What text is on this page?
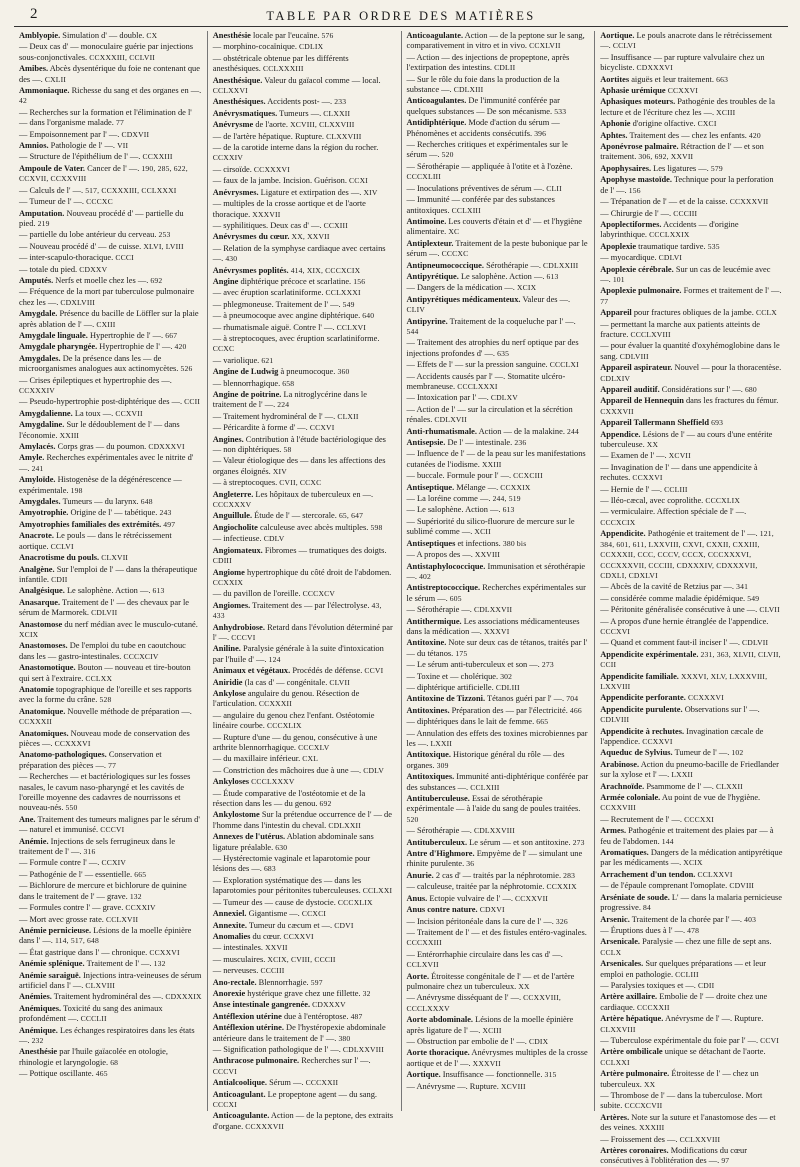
2	TABLE PAR ORDRE DES MATIÈRES
Amblyopie. Simulation d' — double. CX
— Deux cas d' — monoculaire guérie par injections sous-conjonctivales. CCXXXIII, CCLVII
Amibes. Abcès dysentérique du foie ne contenant que des —. CXLII
Ammoniaque. Richesse du sang et des organes en —. 42
— Recherches sur la formation et l'élimination de l' — dans l'organisme malade. 77
— Empoisonnement par l' —. CDXVII
Amnios. Pathologie de l' —. VII
— Structure de l'épithélium de l' —. CCXXIII
Ampoule de Vater. Cancer de l' —. 190, 285, 622, CCXVII, CCXXVIII
— Calculs de l' —. 517, CCXXXIII, CCLXXXI
— Tumeur de l' —. CCCXC
Amputation. Nouveau procédé d' — partielle du pied. 219
— partielle du lobe antérieur du cerveau. 253
— Nouveau procédé d' — de cuisse. XLVI, LVIII
— inter-scapulo-thoracique. CCCI
— totale du pied. CDXXV
Amputés. Nerfs et moelle chez les —. 692
— Fréquence de la mort par tuberculose pulmonaire chez les —. CDXLVIII
Amygdale. Présence du bacille de Löffler sur la plaie après ablation de l' —. CXIII
Amygdale linguale. Hypertrophie de l' —. 667
Amygdale pharyngée. Hypertrophie de l' —. 420
Amygdales. De la présence dans les — de microorganismes analogues aux actinomycètes. 526
— Crises épileptiques et hypertrophie des —. CCXXXIV
— Pseudo-hypertrophie post-diphtérique des —. CCII
Amygdalienne. La toux —. CCXVII
Amygdaline. Sur le dédoublement de l' — dans l'économie. XXIII
Amylacés. Corps gras — du poumon. CDXXXVI
Amyle. Recherches expérimentales avec le nitrite d' —. 241
Amyloïde. Histogenèse de la dégénérescence — expérimentale. 198
Amygdales. Tumeurs — du larynx. 648
Amyotrophie. Origine de l' — tabétique. 243
Amyotrophies familiales des extrémités. 497
Anacrote. Le pouls — dans le rétrécissement aortique. CCLVI
Anacrotisme du pouls. CLXVII
Analgène. Sur l'emploi de l' — dans la thérapeutique infantile. CDII
Analgésique. Le salophène. Action —. 613
Anasarque. Traitement de l' — des chevaux par le sérum de Marmorek. CDLVII
Anastomose du nerf médian avec le musculo-cutané. XCIX
Anastomoses. De l'emploi du tube en caoutchouc dans les — gastro-intestinales. CCCXCIV
Anastomotique. Bouton — nouveau et tire-bouton qui sert à l'extraire. CCLXX
Anatomie topographique de l'oreille et ses rapports avec la forme du crâne. 528
Anatomique. Nouvelle méthode de préparation —. CCXXXII
Anatomiques. Nouveau mode de conservation des pièces —. CCXXXVI
Anatomo-pathologiques. Conservation et préparation des pièces —. 77
— Recherches — et bactériologiques sur les fosses nasales, le cavum naso-pharyngé et les cavités de l'oreille moyenne des cadavres de nourrissons et nouveau-nés. 550
Ane. Traitement des tumeurs malignes par le sérum d' — naturel et immunisé. CCCVI
Anémie. Injections de sels ferrugineux dans le traitement de l' —. 316
— Formule contre l' —. CCXIV
— Pathogénie de l' — essentielle. 665
— Bichlorure de mercure et bichlorure de quinine dans le traitement de l' — grave. 132
— Formules contre l' — grave. CCXXIV
— Mort avec grosse rate. CCLXVII
Anémie pernicieuse. Lésions de la moelle épinière dans l' —. 114, 517, 648
— État gastrique dans l' — chronique. CCXXVI
Anémie splénique. Traitement de l' —. 132
Anémie saraiguë. Injections intra-veineuses de sérum artificiel dans l' —. CLXVIII
Anémies. Traitement hydrominéral des —. CDXXXIX
Anémiques. Toxicité du sang des animaux profondément —. CCCLII
Anémique. Les échanges respiratoires dans les états —. 232
Anesthésie par l'huile gaïacolée en otologie, rhinologie et laryngologie. 68
— Pottique oscillante. 465
Anesthésie locale par l'eucaïne. 576
— morphino-cocaïnique. CDLIX
— obstétricale obtenue par les différents anesthésiques. CCLXXXIII
Anesthésique. Valeur du gaïacol comme — local. CCLXXVI
Anesthésiques. Accidents post- —. 233
Anévrysmatiques. Tumeurs —. CLXXII
Anévrysme de l'aorte. XCVIII, CLXXVIII
— de l'artère hépatique. Rupture. CLXXVIII
— de la carotide interne dans la région du rocher. CCXXIV
— cirsoïde. CCXXXVI
— faux de la jambe. Incision. Guérison. CCXI
Anévrysmes. Ligature et extirpation des —. XIV
— multiples de la crosse aortique et de l'aorte thoracique. XXXVII
— syphilitiques. Deux cas d' —. CCXIII
Anévrysmes du cœur. XX, XXVII
— Relation de la symphyse cardiaque avec certains —. 430
Anévrysmes poplités. 414, XIX, CCCXCIX
Angine diphtérique précoce et scarlatine. 156
— avec éruption scarlatiniforme. CCLXXXI
— phlegmoneuse. Traitement de l' —. 549
— à pneumocoque avec angine diphtérique. 640
— rhumatismale aiguë. Contre l' —. CCLXVI
— à streptocoques, avec éruption scarlatiniforme. CCXC
— variolique. 621
Angine de Ludwig à pneumocoque. 360
— blennorrhagique. 658
Angine de poitrine. La nitroglycérine dans le traitement de l' —. 224
— Traitement hydrominéral de l' —. CLXII
— Péricardite à forme d' —. CCXVI
Angines. Contribution à l'étude bactériologique des — non diphtériques. 58
— Valeur étiologique des — dans les affections des organes éloignés. XIV
— à streptocoques. CVII, CCXC
Angleterre. Les hôpitaux de tuberculeux en —. CCCXXXV
Anguillule. Étude de l' — stercorale. 65, 647
Angiocholite calculeuse avec abcès multiples. 598
— infectieuse. CDLV
Angiomateux. Fibromes — trumatiques des doigts. CDIII
Angiome hypertrophique du côté droit de l'abdomen. CCXXIX
— du pavillon de l'oreille. CCCXCV
Angiomes. Traitement des — par l'électrolyse. 43, 433
Anhydrobiose. Retard dans l'évolution déterminé par l' —. CCCVI
Aniline. Paralysie générale à la suite d'intoxication par l'huile d' —. 124
Animaux et végétaux. Procédés de défense. CCVI
Aniridie (la cas d' — congénitale. CLVII
Ankylose angulaire du genou. Résection de l'articulation. CCXXXII
— angulaire du genou chez l'enfant. Ostéotomie linéaire courbe. CCCXLIX
— Rupture d'une — du genou, consécutive à une arthrite blennorrhagique. CCCXLV
— du maxillaire inférieur. CXL
— Constriction des mâchoires due à une —. CDLV
Ankyloses CCCLXXXV
— Étude comparative de l'ostéotomie et de la résection dans les — du genou. 692
Ankylostome Sur la prétendue occurrence de l' — de l'homme dans l'intestin du cheval. CDLXXII
Annexes de l'utérus. Ablation abdominale sans ligature préalable. 630
— Hystérectomie vaginale et laparotomie pour lésions des —. 683
— Exploration systématique des — dans les laparotomies pour péritonites tuberculeuses. CCLXXI
— Tumeur des — cause de dystocie. CCCXLIX
Annexiel. Gigantisme —. CCXCI
Annexite. Tumeur du cæcum et —. CDVI
Anomalies du cœur. CCXXVI
— intestinales. XXVII
— musculaires. XCIX, CVIII, CCCII
— nerveuses. CCCIII
Ano-rectale. Blennorrhagie. 597
Anorexie hystérique grave chez une fillette. 32
Anse intestinale gangrenée. CDXXXV
Antéflexion utérine due à l'entéroptose. 487
Antéflexion utérine. De l'hystéropexie abdominale antérieure dans le traitement de l' —. 380
— Signification pathologique de l' —. CDLXXVIII
Anthracose pulmonaire. Recherches sur l' —. CCCVI
Antialcoolique. Sérum —. CCCXXII
Anticoagulant. Le propeptone agent — du sang. CCCXI
Anticoagulante. Action — de la peptone, des extraits d'organe. CCXXXVII
Anticoagulante. Action — de la peptone sur le sang, comparativement in vitro et in vivo. CCXLVII
— Action — des injections de propeptone, après l'extirpation des intestins. CDLII
— Sur le rôle du foie dans la production de la substance —. CDLXIII
Anticoagulantes. De l'immunité conférée par quelques substances — De son mécanisme. 533
Antidiphtérique. Mode d'action du sérum — Phénomènes et accidents consécutifs. 396
— Recherches critiques et expérimentales sur le sérum —. 520
— Sérothérapie — appliquée à l'otite et à l'ozène. CCCXLIII
— Inoculations préventives de sérum —. CLII
— Immunité — conférée par des substances antitoxiques. CCLXIII
Antimoine. Les couverts d'étain et d' — et l'hygiène alimentaire. XC
Antiplexteur. Traitement de la peste bubonique par le sérum —. CCCXC
Antipneumococcique. Sérothérapie —. CDLXXIII
Antipyrétique. Le salophène. Action —. 613
— Dangers de la médication —. XCIX
Antipyrétiques médicamenteux. Valeur des —. CLIV
Antipyrine. Traitement de la coqueluche par l' —. 544
— Traitement des atrophies du nerf optique par des injections profondes d' —. 635
— Effets de l' — sur la pression sanguine. CCCLXI
— Accidents causés par l' —. Stomatite ulcéro-membraneuse. CCCLXXXI
— Intoxication par l' —. CDLXV
— Action de l' — sur la circulation et la sécrétion rénales. CDLXVII
Anti-rhumatismale. Action — de la malakine. 244
Antisepsie. De l' — intestinale. 236
— Influence de l' — de la peau sur les manifestations cutanées de l'iodisme. XXIII
— buccale. Formule pour l' —. CCXCIII
Antiseptique. Mélange —. CCXXIX
— La loréine comme —. 244, 519
— Le salophène. Action —. 613
— Supériorité du silico-fluorure de mercure sur le sublimé comme —. XCII
Antiseptiques et infections. 380 bis
— A propos des —. XXVIII
Antistaphylococcique. Immunisation et sérothérapie —. 402
Antistreptococcique. Recherches expérimentales sur le sérum —. 605
— Sérothérapie —. CDLXXVII
Antithermique. Les associations médicamenteuses dans la médication —. XXXVI
Antitoxine. Note sur deux cas de tétanos, traités par l' — du tétanos. 175
— Le sérum anti-tuberculeux et son —. 273
— Toxine et — cholérique. 302
— diphtérique artificielle. CDLIII
Antitoxine de Tizzoni. Tétanos guéri par l' —. 704
Antitoxines. Préparation des — par l'électricité. 466
— diphtériques dans le lait de femme. 665
— Annulation des effets des toxines microbiennes par les —. LXXII
Antitoxique. Historique général du rôle — des organes. 309
Antitoxiques. Immunité anti-diphtérique conférée par des substances —. CCLXIII
Antituberculeuse. Essai de sérothérapie expérimentale — à l'aide du sang de poules traitées. 520
— Sérothérapie —. CDLXXVIII
Antituberculeux. Le sérum — et son antitoxine. 273
Antre d'Highmore. Empyème de l' — simulant une rhinite purulente. 36
Anurie. 2 cas d' — traités par la néphrotomie. 283
— calculeuse, traitée par la néphrotomie. CCXXIX
Anus. Ectopie vulvaire de l' —. CCXXVII
Anus contre nature. CDXVI
— Incision péritonéale dans la cure de l' —. 326
— Traitement de l' — et des fistules entéro-vaginales. CCCXXIII
— Entérorrhaphie circulaire dans les cas d' —. CCLXVII
Aorte. Étroitesse congénitale de l' — et de l'artère pulmonaire chez un tuberculeux. XX
— Anévrysme disséquant de l' —. CCXXVIII, CCCLXXXV
Aorte abdominale. Lésions de la moelle épinière après ligature de l' —. XCIII
— Obstruction par embolie de l' —. CDIX
Aorte thoracique. Anévrysmes multiples de la crosse aortique et de l' —. XXXVII
Aortique. Insuffisance — fonctionnelle. 315
— Anévrysme —. Rupture. XCVIII
Aortique. Le pouls anacrote dans le rétrécissement —. CCLVI
— Insuffisance — par rupture valvulaire chez un bicycliste. CDXXXVI
Aortites aiguës et leur traitement. 663
Aphasie urémique CCXXVI
Aphasiques moteurs. Pathogénie des troubles de la lecture et de l'écriture chez les —. XCIII
Aphonie d'origine olfactive. CXCI
Aphtes. Traitement des — chez les enfants. 420
Aponévrose palmaire. Rétraction de l' — et son traitement. 306, 692, XXVII
Apophysaires. Les ligatures —. 579
Apophyse mastoïde. Technique pour la perforation de l' —. 156
— Trépanation de l' — et de la caisse. CCXXXVII
— Chirurgie de l' —. CCCIII
Apoplectiformes. Accidents — d'origine labyrinthique. CCCLXXIX
Apoplexie traumatique tardive. 535
— myocardique. CDLVI
Apoplexie cérébrale. Sur un cas de leucémie avec —. 101
Apoplexie pulmonaire. Formes et traitement de l' —. 77
Appareil pour fractures obliques de la jambe. CCLX
— permettant la marche aux patients atteints de fracture. CCCLXVIII
— pour évaluer la quantité d'oxyhémoglobine dans le sang. CDLVIII
Appareil aspirateur. Nouvel — pour la thoracentèse. CDLXIV
Appareil auditif. Considérations sur l' —. 680
Appareil de Hennequin dans les fractures du fémur. CXXXVII
Appareil Tallermann Sheffield 693
Appendice. Lésions de l' — au cours d'une entérite tuberculeuse. XX
— Examen de l' —. XCVII
— Invagination de l' — dans une appendicite à rechutes. CCXXVI
— Hernie de l' —. CCLIII
— Iléo-cæcal, avec coprolithe. CCCXLIX
— vermiculaire. Affection spéciale de l' —. CCCXCIX
Appendicite. Pathogénie et traitement de l' —. 121, 384, 601, 611, LXXVIII, CXVI, CXXII, CXXIII, CCXXXII, CCC, CCCV, CCCX, CCCXXXVI, CCCXXXVII, CCCIII, CDXXXIV, CDXXXVII, CDXLI, CDXLVI
— Abcès de la cavité de Retzius par —. 341
— considérée comme maladie épidémique. 549
— Péritonite généralisée consécutive à une —. CLVII
— A propos d'une hernie étranglée de l'appendice. CCCXVI
— Quand et comment faut-il inciser l' —. CDLVII
Appendicite expérimentale. 231, 363, XLVII, CLVII, CCII
Appendicite familiale. XXXVI, XLV, LXXXVIII, LXXVIII
Appendicite perforante. CCXXXVI
Appendicite purulente. Observations sur l' —. CDLVIII
Appendicite à rechutes. Invagination cæcale de l'appendice. CCXXVI
Aqueduc de Sylvius. Tumeur de l' —. 102
Arabinose. Action du pneumo-bacille de Friedlander sur la xylose et l' —. LXXII
Arachnoïde. Psammome de l' —. CLXXII
Armée coloniale. Au point de vue de l'hygiène. CCXXVIII
— Recrutement de l' —. CCCXXI
Armes. Pathogénie et traitement des plaies par — à feu de l'abdomen. 144
Aromatiques. Dangers de la médication antipyrétique par les médicaments —. XCIX
Arrachement d'un tendon. CCLXXVI
— de l'épaule comprenant l'omoplate. CDVIII
Arséniate de soude. L' — dans la malaria pernicieuse progressive. 84
Arsenic. Traitement de la chorée par l' —. 403
— Éruptions dues à l' —. 478
Arsenicale. Paralysie — chez une fille de sept ans. CCLX
Arsenicales. Sur quelques préparations — et leur emploi en pathologie. CCLIII
— Paralysies toxiques et —. CDII
Artère axillaire. Embolie de l' — droite chez une cardiaque. CCCXXII
Artère hépatique. Anévrysme de l' —. Rupture. CLXXVIII
— Tuberculose expérimentale du foie par l' —. CCVI
Artère ombilicale unique se détachant de l'aorte. CCLXXI
Artère pulmonaire. Étroitesse de l' — chez un tuberculeux. XX
— Thrombose de l' — dans la tuberculose. Mort subite. CCCXCVII
Artères. Note sur la suture et l'anastomose des — et des veines. XXXIII
— Froissement des —. CCLXXVIII
Artères coronaires. Modifications du cœur consécutives à l'oblitération des —. 97
